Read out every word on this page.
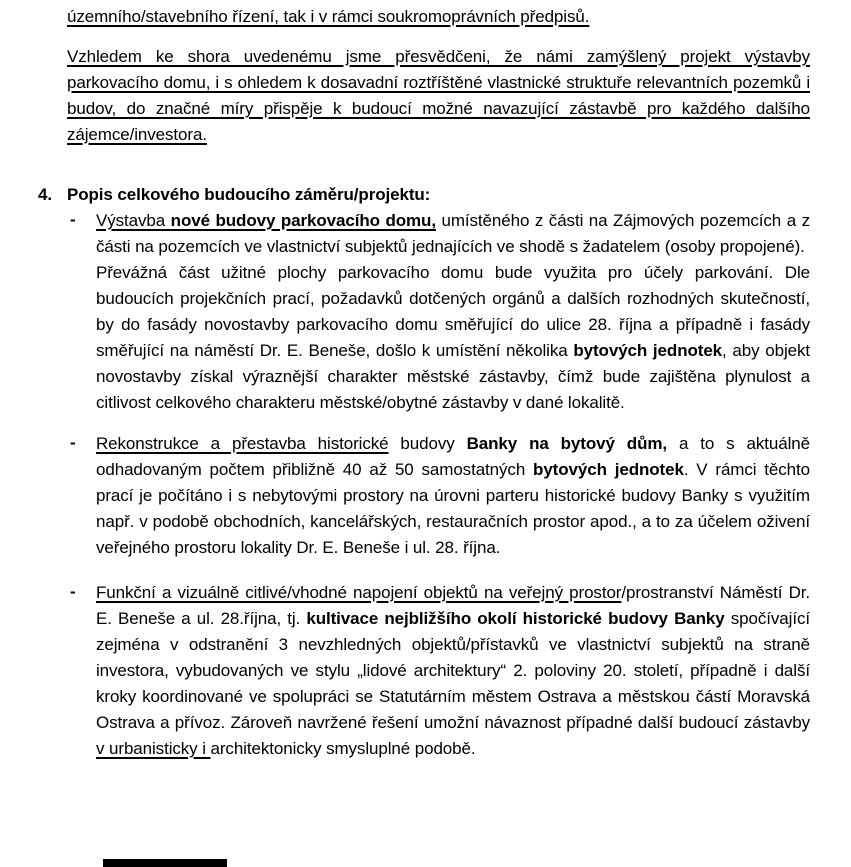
územního/stavebního řízení, tak i v rámci soukromoprávních předpisů.

Vzhledem ke shora uvedenému jsme přesvědčeni, že námi zamýšlený projekt výstavby parkovacího domu, i s ohledem k dosavadní roztříštěné vlastnické struktuře relevantních pozemků i budov, do značné míry přispěje k budoucí možné navazující zástavbě pro každého dalšího zájemce/investora.

4. Popis celkového budoucího záměru/projektu:
- Výstavba nové budovy parkovacího domu, umístěného z části na Zájmových pozemcích a z části na pozemcích ve vlastnictví subjektů jednajících ve shodě s žadatelem (osoby propojené).

Převážná část užitné plochy parkovacího domu bude využita pro účely parkování. Dle budoucích projekčních prací, požadavků dotčených orgánů a dalších rozhodných skutečností, by do fasády novostavby parkovacího domu směřující do ulice 28. října a případně i fasády směřující na náměstí Dr. E. Beneše, došlo k umístění několika bytových jednotek, aby objekt novostavby získal výraznější charakter městské zástavby, čímž bude zajištěna plynulost a citlivost celkového charakteru městské/obytné zástavby v dané lokalitě.

- Rekonstrukce a přestavba historické budovy Banky na bytový dům, a to s aktuálně odhadovaným počtem přibližně 40 až 50 samostatných bytových jednotek. V rámci těchto prací je počítáno i s nebytovými prostory na úrovni parteru historické budovy Banky s využitím např. v podobě obchodních, kancelářských, restauračních prostor apod., a to za účelem oživení veřejného prostoru lokality Dr. E. Beneše i ul. 28. října.

- Funkční a vizuálně citlivé/vhodné napojení objektů na veřejný prostor/prostranství Náměstí Dr. E. Beneše a ul. 28.října, tj. kultivace nejbližšího okolí historické budovy Banky spočívající zejména v odstranění 3 nevzhledných objektů/přístavků ve vlastnictví subjektů na straně investora, vybudovaných ve stylu „lidové architektury“ 2. poloviny 20. století, případně i další kroky koordinované ve spolupráci se Statutárním městem Ostrava a městskou částí Moravská Ostrava a přívoz. Zároveň navržené řešení umožní návaznost případné další budoucí zástavby v urbanisticky i architektonicky smysluplné podobě.
